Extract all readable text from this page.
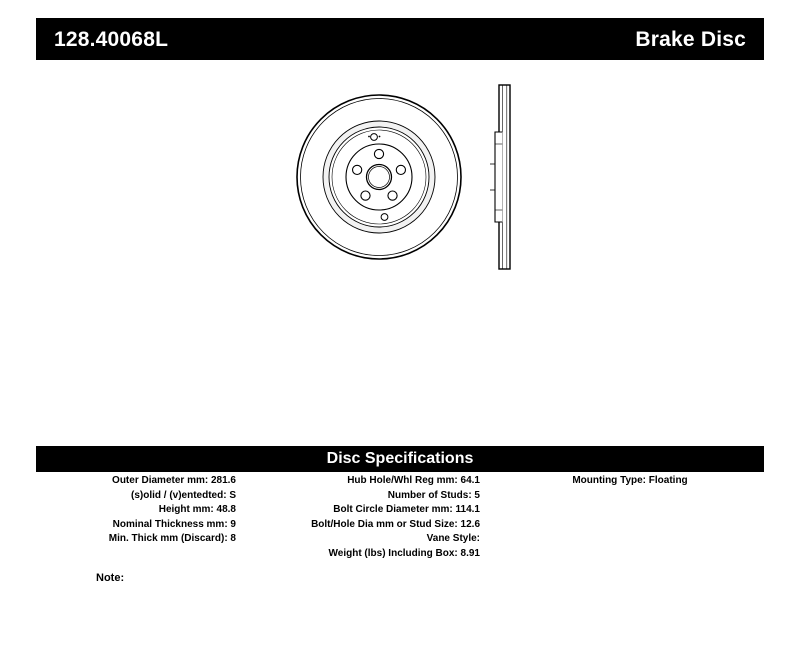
128.40068L	Brake Disc
Disc Specifications
Outer Diameter mm: 281.6
(s)olid / (v)entedted: S
Height mm: 48.8
Nominal Thickness mm: 9
Min. Thick mm (Discard): 8
Hub Hole/Whl Reg mm: 64.1
Number of Studs: 5
Bolt Circle Diameter mm: 114.1
Bolt/Hole Dia mm or Stud Size: 12.6
Vane Style:
Weight (lbs) Including Box: 8.91
Mounting Type: Floating
Note:
